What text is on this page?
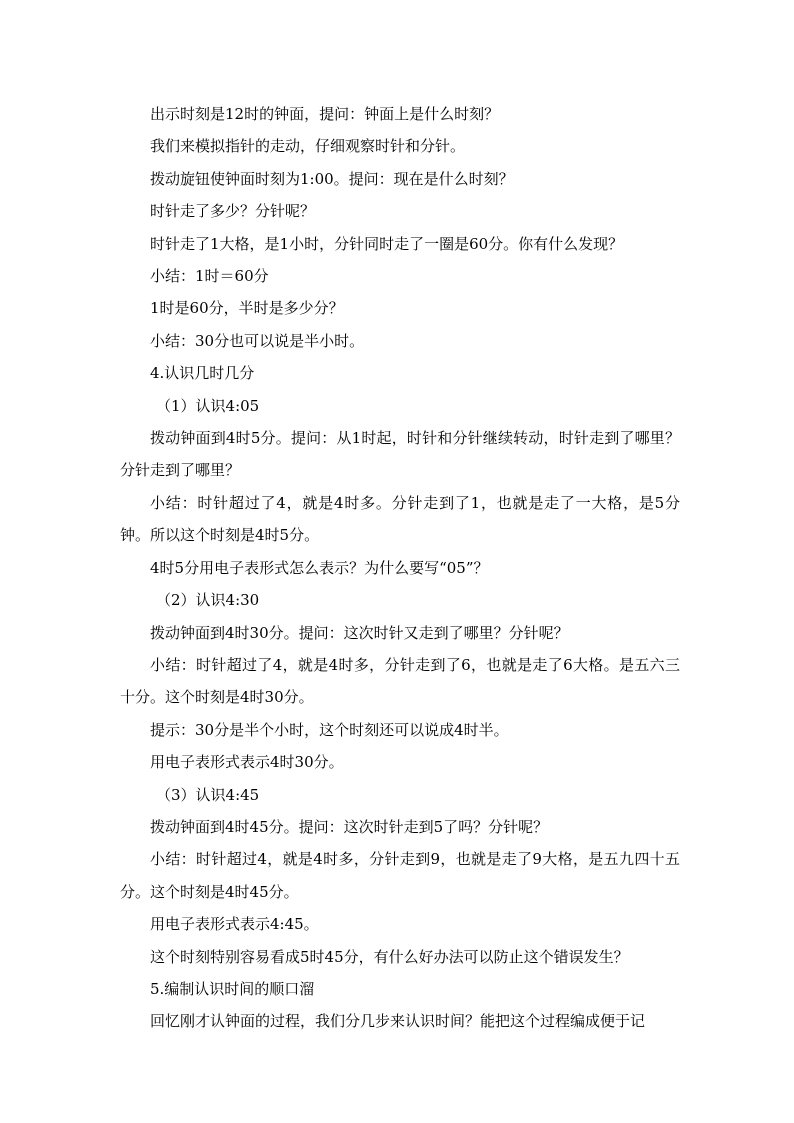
出示时刻是12时的钟面，提问：钟面上是什么时刻？

我们来模拟指针的走动，仔细观察时针和分针。

拨动旋钮使钟面时刻为1:00。提问：现在是什么时刻？

时针走了多少？分针呢？

时针走了1大格，是1小时，分针同时走了一圈是60分。你有什么发现？

小结：1时＝60分

1时是60分，半时是多少分？

小结：30分也可以说是半小时。

4.认识几时几分

（1）认识4:05

拨动钟面到4时5分。提问：从1时起，时针和分针继续转动，时针走到了哪里？分针走到了哪里？

小结：时针超过了4，就是4时多。分针走到了1，也就是走了一大格，是5分钟。所以这个时刻是4时5分。

4时5分用电子表形式怎么表示？为什么要写“05”？

（2）认识4:30

拨动钟面到4时30分。提问：这次时针又走到了哪里？分针呢？

小结：时针超过了4，就是4时多，分针走到了6，也就是走了6大格。是五六三十分。这个时刻是4时30分。

提示：30分是半个小时，这个时刻还可以说成4时半。

用电子表形式表示4时30分。

（3）认识4:45

拨动钟面到4时45分。提问：这次时针走到5了吗？分针呢？

小结：时针超过4，就是4时多，分针走到9，也就是走了9大格，是五九四十五分。这个时刻是4时45分。

用电子表形式表示4:45。

这个时刻特别容易看成5时45分，有什么好办法可以防止这个错误发生？

5.编制认识时间的顺口溜

回忆刚才认钟面的过程，我们分几步来认识时间？能把这个过程编成便于记
